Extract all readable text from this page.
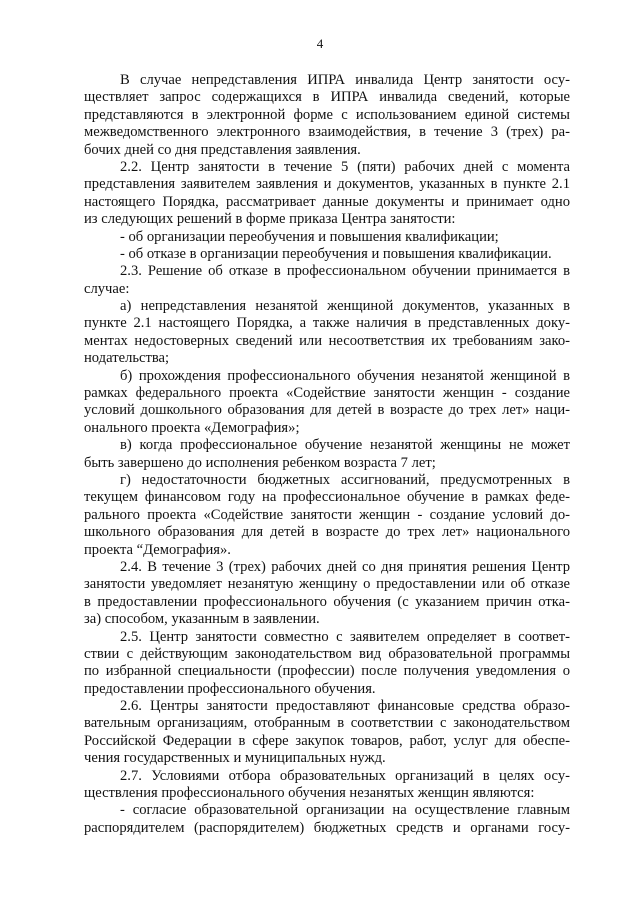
4
В случае непредставления ИПРА инвалида Центр занятости осу-
ществляет запрос содержащихся в ИПРА инвалида сведений, которые
представляются в электронной форме с использованием единой системы
межведомственного электронного взаимодействия, в течение 3 (трех) ра-
бочих дней со дня представления заявления.
2.2. Центр занятости в течение 5 (пяти) рабочих дней с момента
представления заявителем заявления и документов, указанных в пункте 2.1
настоящего Порядка, рассматривает данные документы и принимает одно
из следующих решений в форме приказа Центра занятости:
- об организации переобучения и повышения квалификации;
- об отказе в организации переобучения и повышения квалификации.
2.3. Решение об отказе в профессиональном обучении принимается в
случае:
а) непредставления незанятой женщиной документов, указанных в
пункте 2.1 настоящего Порядка, а также наличия в представленных доку-
ментах недостоверных сведений или несоответствия их требованиям зако-
нодательства;
б) прохождения профессионального обучения незанятой женщиной в
рамках федерального проекта «Содействие занятости женщин - создание
условий дошкольного образования для детей в возрасте до трех лет» нaци-
онального проекта «Демография»;
в) когда профессиональное обучение незанятой женщины не может
быть завершено до исполнения ребенком возраста 7 лет;
г) недостаточности бюджетных ассигнований, предусмотренных в
текущем финансовом году на профессиональное обучение в рамках феде-
рального проекта «Содействие занятости женщин - создание условий до-
школьного образования для детей в возрасте до трех лет» национального
проекта “Демография».
2.4. В течение 3 (трех) рабочих дней со дня принятия решения Центр
занятости уведомляет незанятую женщину о предоставлении или об отказе
в предоставлении профессионального обучения (с указанием причин отка-
за) способом, указанным в заявлении.
2.5. Центр занятости совместно с заявителем определяет в соответ-
ствии с действующим законодательством вид образовательной программы
по избранной специальности (профессии) после получения уведомления о
предоставлении профессионального обучения.
2.6. Центры занятости предоставляют финансовые средства образо-
вательным организациям, отобранным в соответствии с законодательством
Российской Федерации в сфере закупок товаров, работ, услуг для обеспе-
чения государственных и муниципальных нужд.
2.7. Условиями отбора образовательных организаций в целях осу-
ществления профессионального обучения незанятых женщин являются:
- согласие образовательной организации на осуществление главным
распорядителем (распорядителем) бюджетных средств и органами госу-
